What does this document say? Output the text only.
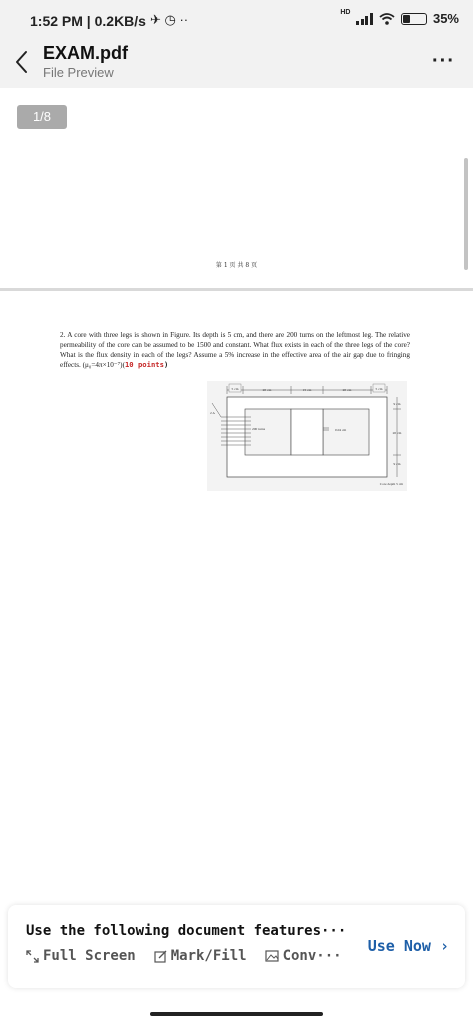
1:52 PM | 0.2KB/s ✈ ◷ ··	HD	35%
EXAM.pdf
File Preview
···
1/8
第 1 页 共 8 页
2. A core with three legs is shown in Figure. Its depth is 5 cm, and there are 200 turns on the leftmost leg. The relative permeability of the core can be assumed to be 1500 and constant. What flux exists in each of the three legs of the core? What is the flux density in each of the legs? Assume a 5% increase in the effective area of the air gap due to fringing effects. (μ₀=4π×10⁻⁷)(10 points)
5 cm	20 cm	15 cm	20 cm	5 cm
0.04 cm
2 A
200 turns
9 cm
20 cm
9 cm
Core depth 5 cm
Use the following document features···
Full Screen	Mark/Fill	Conv···
Use Now ›
